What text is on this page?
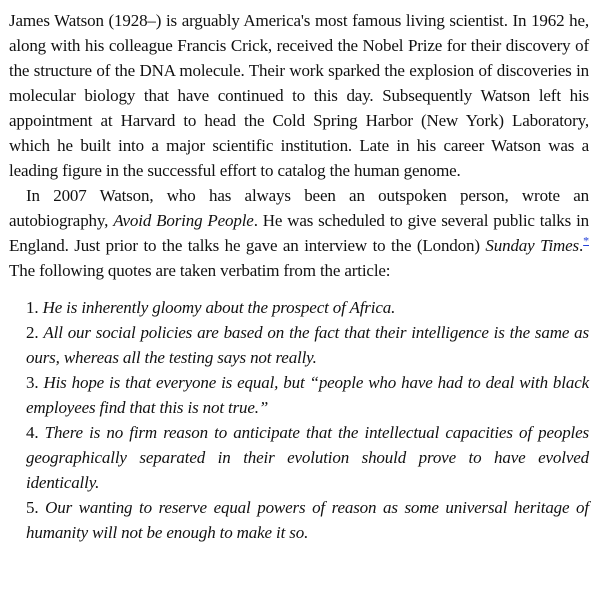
James Watson (1928–) is arguably America's most famous living scientist. In 1962 he, along with his colleague Francis Crick, received the Nobel Prize for their discovery of the structure of the DNA molecule. Their work sparked the explosion of discoveries in molecular biology that have continued to this day. Subsequently Watson left his appointment at Harvard to head the Cold Spring Harbor (New York) Laboratory, which he built into a major scientific institution. Late in his career Watson was a leading figure in the successful effort to catalog the human genome.

In 2007 Watson, who has always been an outspoken person, wrote an autobiography, Avoid Boring People. He was scheduled to give several public talks in England. Just prior to the talks he gave an interview to the (London) Sunday Times.* The following quotes are taken verbatim from the article:

1. He is inherently gloomy about the prospect of Africa.
2. All our social policies are based on the fact that their intelligence is the same as ours, whereas all the testing says not really.
3. His hope is that everyone is equal, but “people who have had to deal with black employees find that this is not true.”
4. There is no firm reason to anticipate that the intellectual capacities of peoples geographically separated in their evolution should prove to have evolved identically.
5. Our wanting to reserve equal powers of reason as some universal heritage of humanity will not be enough to make it so.
